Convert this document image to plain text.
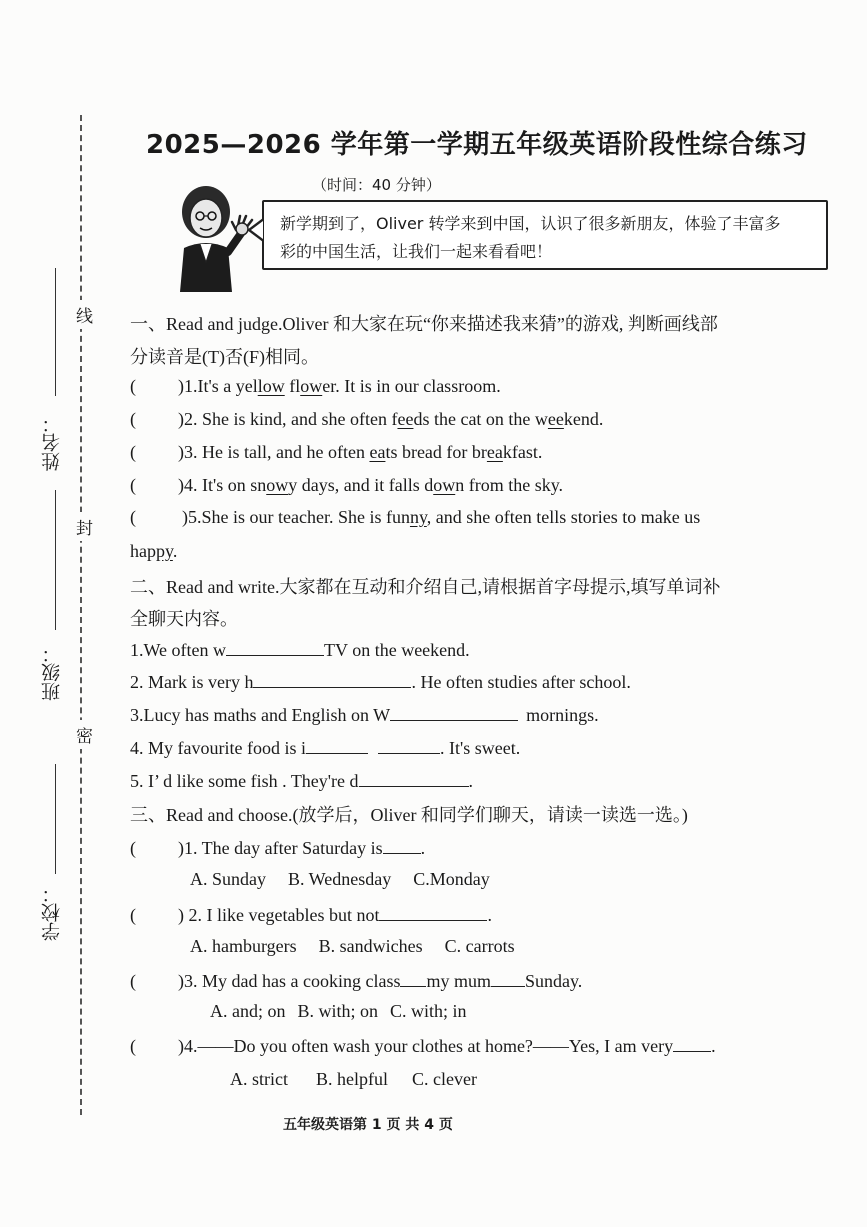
姓名：
班级：
学校：
线
封
密
2025—2026 学年第一学期五年级英语阶段性综合练习
（时间：40 分钟）
新学期到了，Oliver 转学来到中国，认识了很多新朋友，体验了丰富多
彩的中国生活，让我们一起来看看吧！
一、Read and judge.Oliver 和大家在玩“你来描述我来猜”的游戏, 判断画线部
分读音是(T)否(F)相同。
( )1.It's a yellow flower. It is in our classroom.
( )2. She is kind, and she often feeds the cat on the weekend.
( )3. He is tall, and he often eats bread for breakfast.
( )4. It's on snowy days, and it falls down from the sky.
(	)5.She is our teacher. She is funny, and she often tells stories to make us
happy.
二、Read and write.大家都在互动和介绍自己,请根据首字母提示,填写单词补
全聊天内容。
1.We often w	TV on the weekend.
2. Mark is very h	. He often studies after school.
3.Lucy has maths and English on W	mornings.
4. My favourite food is i	. It's sweet.
5. I’ d like some fish . They're d	.
三、Read and choose.(放学后，Oliver 和同学们聊天，请读一读选一选。)
( )1. The day after Saturday is .
A. Sunday B. Wednesday C.Monday
( ) 2. I like vegetables but not	.
A. hamburgers B. sandwiches C. carrots
( )3. My dad has a cooking class my mum Sunday.
A. and; on B. with; on C. with; in
( )4.——Do you often wash your clothes at home?——Yes, I am very .
A. strict B. helpful C. clever
五年级英语第 1 页 共 4 页
